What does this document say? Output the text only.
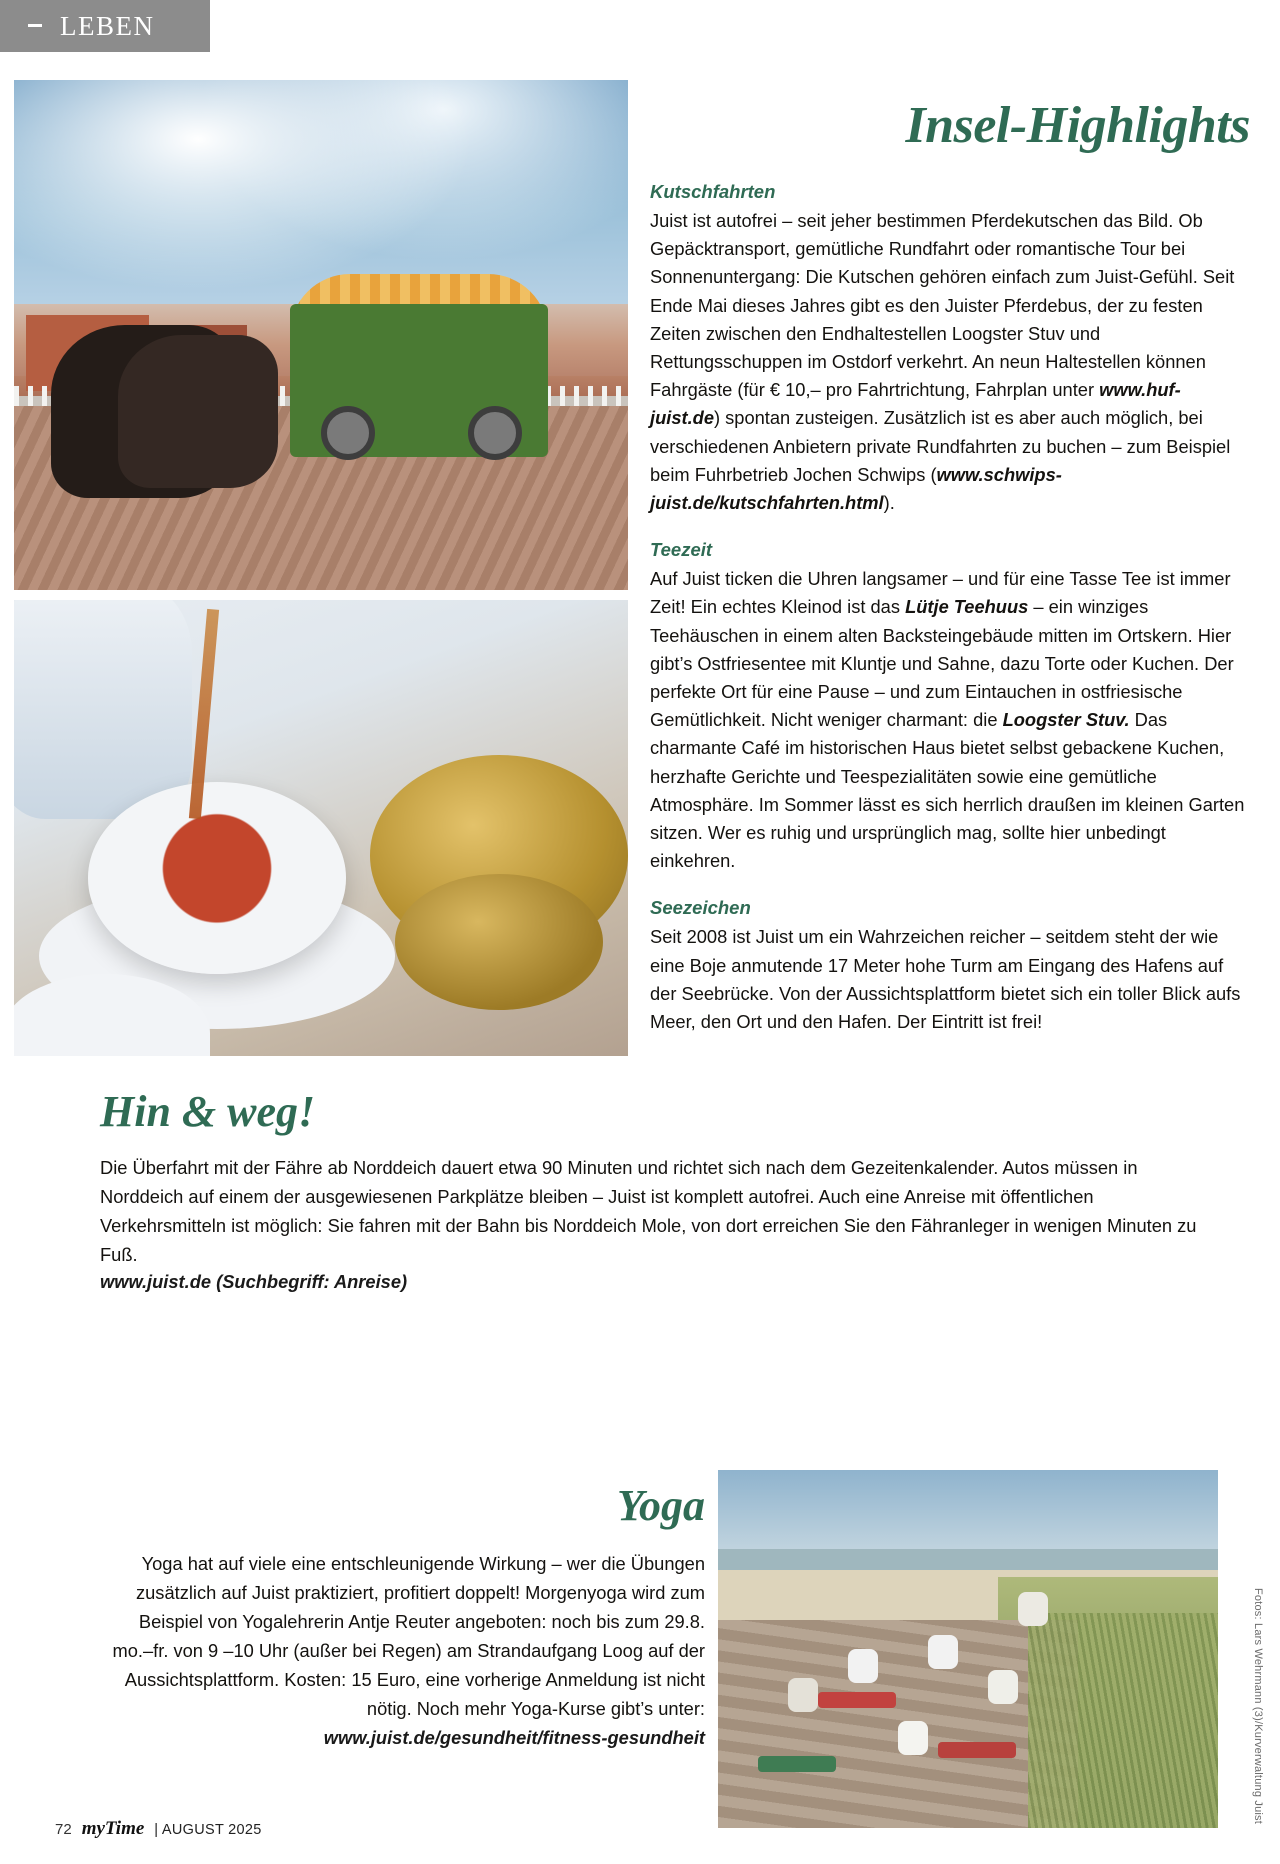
LEBEN
Insel-Highlights
Kutschfahrten

Juist ist autofrei – seit jeher bestimmen Pferdekutschen das Bild. Ob Gepäcktransport, gemütliche Rundfahrt oder romantische Tour bei Sonnenuntergang: Die Kutschen gehören einfach zum Juist-Gefühl. Seit Ende Mai dieses Jahres gibt es den Juister Pferdebus, der zu festen Zeiten zwischen den Endhaltestellen Loogster Stuv und Rettungsschuppen im Ostdorf verkehrt. An neun Haltestellen können Fahrgäste (für € 10,– pro Fahrtrichtung, Fahrplan unter www.huf-juist.de) spontan zusteigen. Zusätzlich ist es aber auch möglich, bei verschiedenen Anbietern private Rundfahrten zu buchen – zum Beispiel beim Fuhrbetrieb Jochen Schwips (www.schwips-juist.de/kutschfahrten.html).

Teezeit

Auf Juist ticken die Uhren langsamer – und für eine Tasse Tee ist immer Zeit! Ein echtes Kleinod ist das Lütje Teehuus – ein winziges Teehäuschen in einem alten Backsteingebäude mitten im Ortskern. Hier gibt’s Ostfriesentee mit Kluntje und Sahne, dazu Torte oder Kuchen. Der perfekte Ort für eine Pause – und zum Eintauchen in ostfriesische Gemütlichkeit. Nicht weniger charmant: die Loogster Stuv. Das charmante Café im historischen Haus bietet selbst gebackene Kuchen, herzhafte Gerichte und Teespezialitäten sowie eine gemütliche Atmosphäre. Im Sommer lässt es sich herrlich draußen im kleinen Garten sitzen. Wer es ruhig und ursprünglich mag, sollte hier unbedingt einkehren.

Seezeichen

Seit 2008 ist Juist um ein Wahrzeichen reicher – seitdem steht der wie eine Boje anmutende 17 Meter hohe Turm am Eingang des Hafens auf der Seebrücke. Von der Aussichtsplattform bietet sich ein toller Blick aufs Meer, den Ort und den Hafen. Der Eintritt ist frei!

Hin & weg!

Die Überfahrt mit der Fähre ab Norddeich dauert etwa 90 Minuten und richtet sich nach dem Gezeitenkalender. Autos müssen in Norddeich auf einem der ausgewiesenen Parkplätze bleiben – Juist ist komplett autofrei. Auch eine Anreise mit öffentlichen Verkehrsmitteln ist möglich: Sie fahren mit der Bahn bis Norddeich Mole, von dort erreichen Sie den Fähranleger in wenigen Minuten zu Fuß.

www.juist.de (Suchbegriff: Anreise)
Yoga

Yoga hat auf viele eine entschleunigende Wirkung – wer die Übungen zusätzlich auf Juist praktiziert, profitiert doppelt! Morgenyoga wird zum Beispiel von Yogalehrerin Antje Reuter angeboten: noch bis zum 29.8. mo.–fr. von 9 –10 Uhr (außer bei Regen) am Strandaufgang Loog auf der Aussichtsplattform. Kosten: 15 Euro, eine vorherige Anmeldung ist nicht nötig. Noch mehr Yoga-Kurse gibt’s unter:

www.juist.de/gesundheit/fitness-gesundheit
72 myTime | AUGUST 2025
Fotos: Lars Wehrmann (3)/Kurverwaltung Juist
